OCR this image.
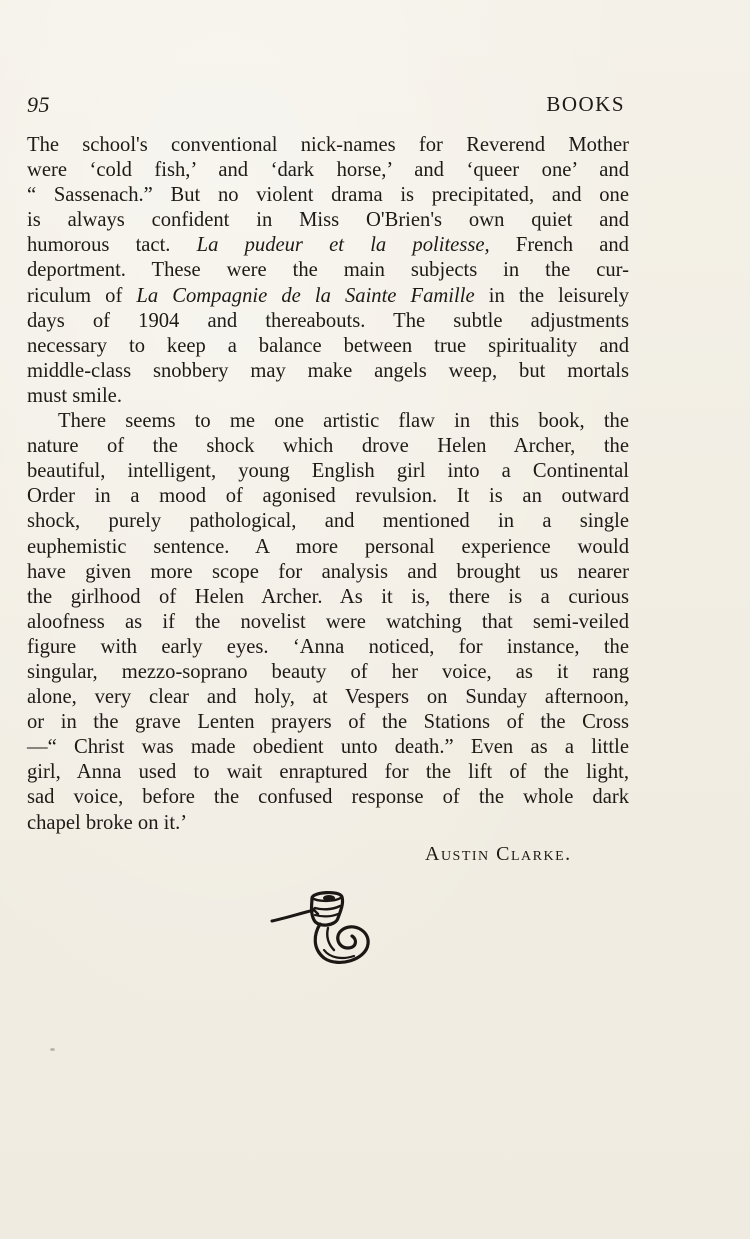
95	BOOKS
The school's conventional nick-names for Reverend Mother
were ‘cold fish,’ and ‘dark horse,’ and ‘queer one’ and
“ Sassenach.” But no violent drama is precipitated, and one
is always confident in Miss O'Brien's own quiet and
humorous tact. La pudeur et la politesse, French and
deportment. These were the main subjects in the cur-
riculum of La Compagnie de la Sainte Famille in the leisurely
days of 1904 and thereabouts. The subtle adjustments
necessary to keep a balance between true spirituality and
middle-class snobbery may make angels weep, but mortals
must smile.
There seems to me one artistic flaw in this book, the
nature of the shock which drove Helen Archer, the
beautiful, intelligent, young English girl into a Continental
Order in a mood of agonised revulsion. It is an outward
shock, purely pathological, and mentioned in a single
euphemistic sentence. A more personal experience would
have given more scope for analysis and brought us nearer
the girlhood of Helen Archer. As it is, there is a curious
aloofness as if the novelist were watching that semi-veiled
figure with early eyes. ‘Anna noticed, for instance, the
singular, mezzo-soprano beauty of her voice, as it rang
alone, very clear and holy, at Vespers on Sunday afternoon,
or in the grave Lenten prayers of the Stations of the Cross
—“ Christ was made obedient unto death.” Even as a little
girl, Anna used to wait enraptured for the lift of the light,
sad voice, before the confused response of the whole dark
chapel broke on it.’
Austin Clarke.
